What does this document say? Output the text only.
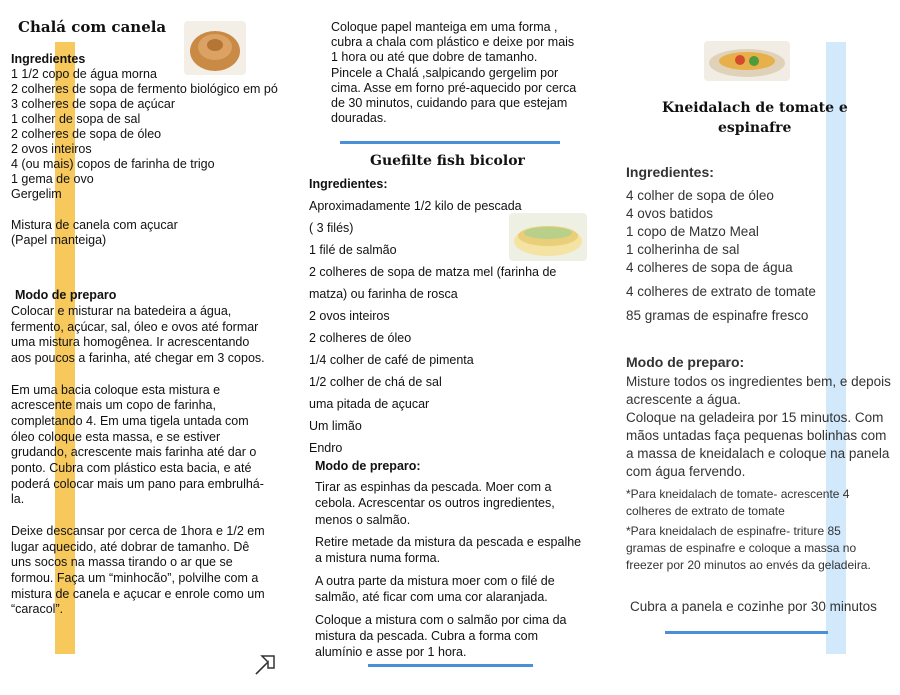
Chalá com canela
Ingredientes
1 1/2 copo de água morna
2 colheres de sopa de fermento biológico em pó
3 colheres de sopa de açúcar
1 colher de sopa de sal
2 colheres de sopa de óleo
2 ovos inteiros
4 (ou mais) copos de farinha de trigo
1 gema de ovo
Gergelim
Mistura de canela com açucar
(Papel manteiga)
Modo de preparo
Colocar e misturar na batedeira a água,
fermento, açúcar, sal, óleo e ovos até formar
uma mistura homogênea. Ir acrescentando
aos poucos a farinha, até chegar em 3 copos.
Em uma bacia coloque esta mistura e
acrescente mais um copo de farinha,
completando 4. Em uma tigela untada com
óleo coloque esta massa, e se estiver
grudando, acrescente mais farinha até dar o
ponto. Cubra com plástico esta bacia, e até
poderá colocar mais um pano para embrulhá-
la.
Deixe descansar por cerca de 1hora e 1/2 em
lugar aquecido, até dobrar de tamanho. Dê
uns socos na massa tirando o ar que se
formou. Faça um “minhocão”, polvilhe com a
mistura de canela e açucar e enrole como um
“caracol”.
Coloque papel manteiga em uma forma ,
cubra a chala com plástico e deixe por mais
1 hora ou até que dobre de tamanho.
Pincele a Chalá ,salpicando gergelim por
cima. Asse em forno pré-aquecido por cerca
de 30 minutos, cuidando para que estejam
douradas.
Guefilte fish bicolor
Ingredientes:
Aproximadamente 1/2 kilo de pescada
( 3 filés)
1 filé de salmão
2 colheres de sopa de matza mel (farinha de
matza) ou farinha de rosca
2 ovos inteiros
2 colheres de óleo
1/4 colher de café de pimenta
1/2 colher de chá de sal
uma pitada de açucar
Um limão
Endro
Modo de preparo:
Tirar as espinhas da pescada. Moer com a
cebola. Acrescentar os outros ingredientes,
menos o salmão.
Retire metade da mistura da pescada e espalhe
a mistura numa forma.
A outra parte da mistura moer com o filé de
salmão, até ficar com uma cor alaranjada.
Coloque a mistura com o salmão por cima da
mistura da pescada. Cubra a forma com
alumínio e asse por 1 hora.
Kneidalach de tomate e
espinafre
Ingredientes:
4 colher de sopa de óleo
4 ovos batidos
1 copo de Matzo Meal
1 colherinha de sal
4 colheres de sopa de água
4 colheres de extrato de tomate
85 gramas de espinafre fresco
Modo de preparo:
Misture todos os ingredientes bem, e depois
acrescente a água.
Coloque na geladeira por 15 minutos. Com
mãos untadas faça pequenas bolinhas com
a massa de kneidalach e coloque na panela
com água fervendo.
*Para kneidalach de tomate- acrescente 4
colheres de extrato de tomate
*Para kneidalach de espinafre- triture 85
gramas de espinafre e coloque a massa no
freezer por 20 minutos ao envés da geladeira.
Cubra a panela e cozinhe por 30 minutos
